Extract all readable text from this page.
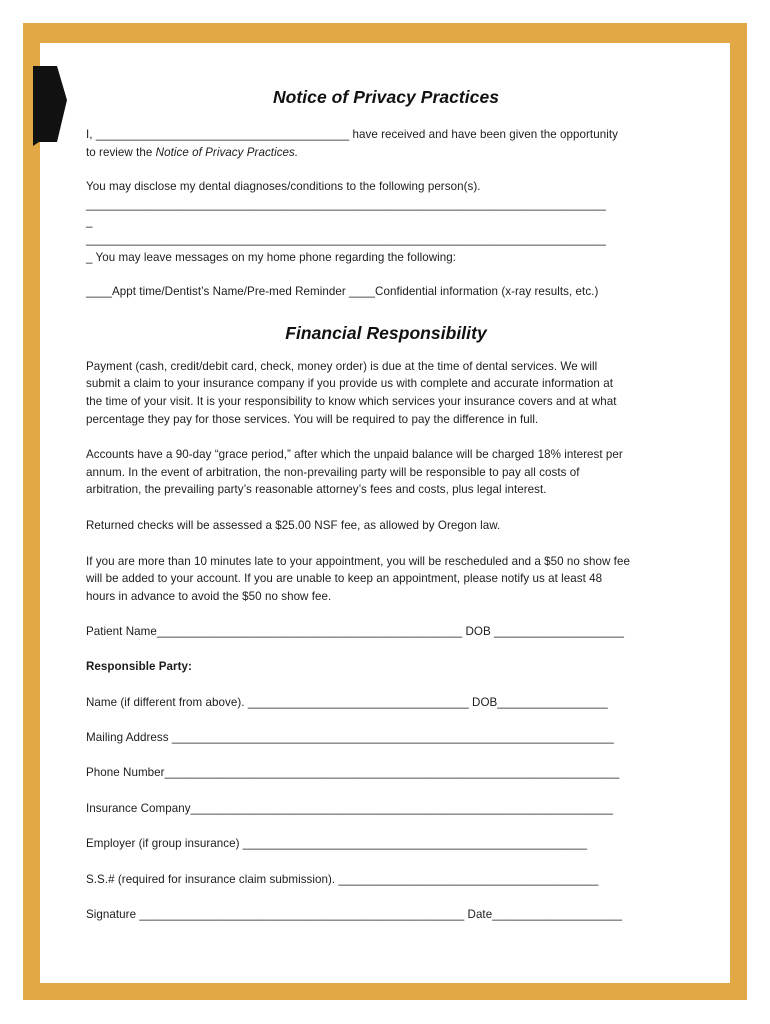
Notice of Privacy Practices

I, _______________________________________ have received and have been given the opportunity

to review the Notice of Privacy Practices.

You may disclose my dental diagnoses/conditions to the following person(s).

________________________________________________________________________________

_

________________________________________________________________________________

_ You may leave messages on my home phone regarding the following:

____Appt time/Dentist’s Name/Pre-med Reminder ____Confidential information (x-ray results, etc.)

Financial Responsibility

Payment (cash, credit/debit card, check, money order) is due at the time of dental services. We will

submit a claim to your insurance company if you provide us with complete and accurate information at

the time of your visit. It is your responsibility to know which services your insurance covers and at what

percentage they pay for those services. You will be required to pay the difference in full.

Accounts have a 90-day “grace period,” after which the unpaid balance will be charged 18% interest per

annum. In the event of arbitration, the non-prevailing party will be responsible to pay all costs of

arbitration, the prevailing party’s reasonable attorney’s fees and costs, plus legal interest.

Returned checks will be assessed a $25.00 NSF fee, as allowed by Oregon law.

If you are more than 10 minutes late to your appointment, you will be rescheduled and a $50 no show fee

will be added to your account. If you are unable to keep an appointment, please notify us at least 48

hours in advance to avoid the $50 no show fee.

Patient Name_______________________________________________ DOB ____________________

Responsible Party:

Name (if different from above). __________________________________ DOB_________________

Mailing Address ____________________________________________________________________

Phone Number______________________________________________________________________

Insurance Company_________________________________________________________________

Employer (if group insurance) _____________________________________________________

S.S.# (required for insurance claim submission). ________________________________________

Signature __________________________________________________ Date____________________
